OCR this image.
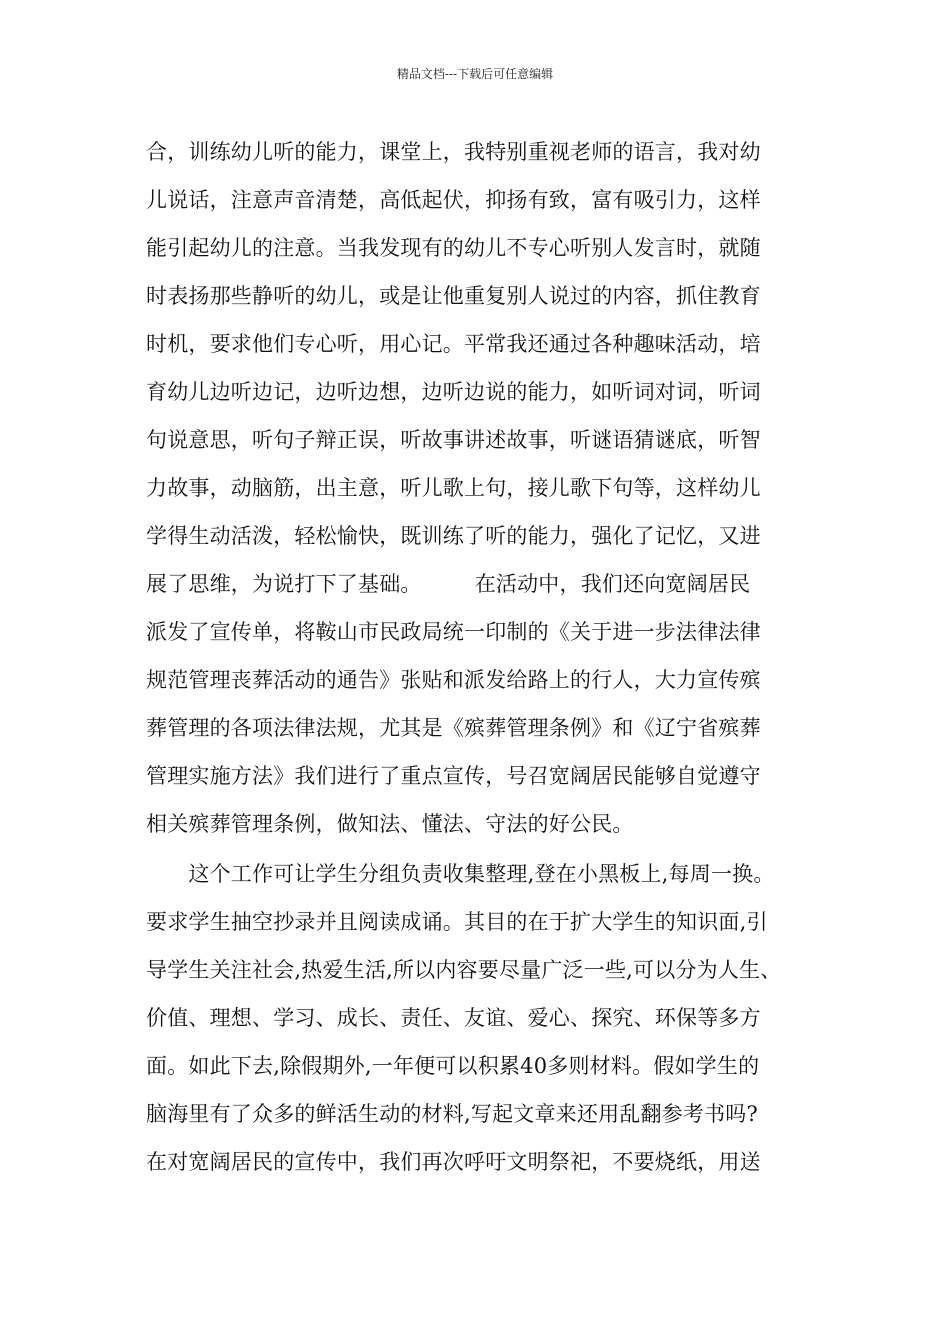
精品文档---下载后可任意编辑
合，训练幼儿听的能力，课堂上，我特别重视老师的语言，我对幼
儿说话，注意声音清楚，高低起伏，抑扬有致，富有吸引力，这样
能引起幼儿的注意。当我发现有的幼儿不专心听别人发言时，就随
时表扬那些静听的幼儿，或是让他重复别人说过的内容，抓住教育
时机，要求他们专心听，用心记。平常我还通过各种趣味活动，培
育幼儿边听边记，边听边想，边听边说的能力，如听词对词，听词
句说意思，听句子辩正误，听故事讲述故事，听谜语猜谜底，听智
力故事，动脑筋，出主意，听儿歌上句，接儿歌下句等，这样幼儿
学得生动活泼，轻松愉快，既训练了听的能力，强化了记忆，又进
展了思维，为说打下了基础。　　　在活动中，我们还向宽阔居民
派发了宣传单，将鞍山市民政局统一印制的《关于进一步法律法律
规范管理丧葬活动的通告》张贴和派发给路上的行人，大力宣传殡
葬管理的各项法律法规，尤其是《殡葬管理条例》和《辽宁省殡葬
管理实施方法》我们进行了重点宣传，号召宽阔居民能够自觉遵守
相关殡葬管理条例，做知法、懂法、守法的好公民。
　　这个工作可让学生分组负责收集整理,登在小黑板上,每周一换。
要求学生抽空抄录并且阅读成诵。其目的在于扩大学生的知识面,引
导学生关注社会,热爱生活,所以内容要尽量广泛一些,可以分为人生、
价值、理想、学习、成长、责任、友谊、爱心、探究、环保等多方
面。如此下去,除假期外,一年便可以积累40多则材料。假如学生的
脑海里有了众多的鲜活生动的材料,写起文章来还用乱翻参考书吗?
在对宽阔居民的宣传中，我们再次呼吁文明祭祀，不要烧纸，用送
